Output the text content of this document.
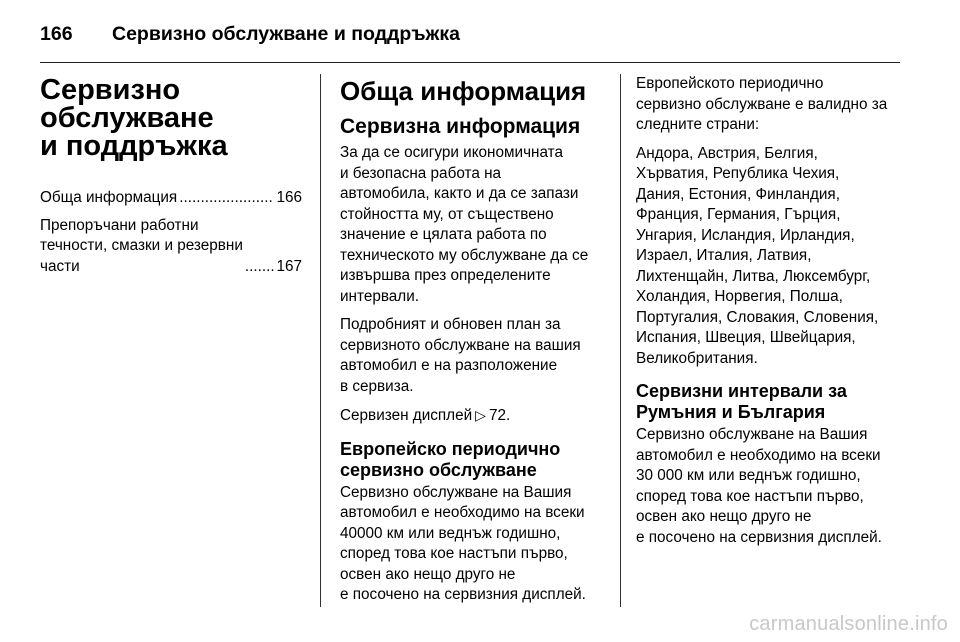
166 Сервизно обслужване и поддръжка
Сервизно
обслужване
и поддръжка
Обща информация .....	166
Препоръчани работни
течности, смазки и резервни
части .....	167
Обща информация
Сервизна информация
За да се осигури икономичната
и безопасна работа на
автомобила, както и да се запази
стойността му, от съществено
значение е цялата работа по
техническото му обслужване да се
извършва през определените
интервали.
Подробният и обновен план за
сервизното обслужване на вашия
автомобил е на разположение
в сервиза.
Сервизен дисплей ▷ 72.
Европейско периодично
сервизно обслужване
Сервизно обслужване на Вашия
автомобил е необходимо на всеки
40000 км или веднъж годишно,
според това кое настъпи първо,
освен ако нещо друго не
е посочено на сервизния дисплей.
Европейското периодично
сервизно обслужване е валидно за
следните страни:
Андора, Австрия, Белгия,
Хърватия, Република Чехия,
Дания, Естония, Финландия,
Франция, Германия, Гърция,
Унгария, Исландия, Ирландия,
Израел, Италия, Латвия,
Лихтенщайн, Литва, Люксембург,
Холандия, Норвегия, Полша,
Португалия, Словакия, Словения,
Испания, Швеция, Швейцария,
Великобритания.
Сервизни интервали за
Румъния и България
Сервизно обслужване на Вашия
автомобил е необходимо на всеки
30 000 км или веднъж годишно,
според това кое настъпи първо,
освен ако нещо друго не
е посочено на сервизния дисплей.
carmanualsonline.info
